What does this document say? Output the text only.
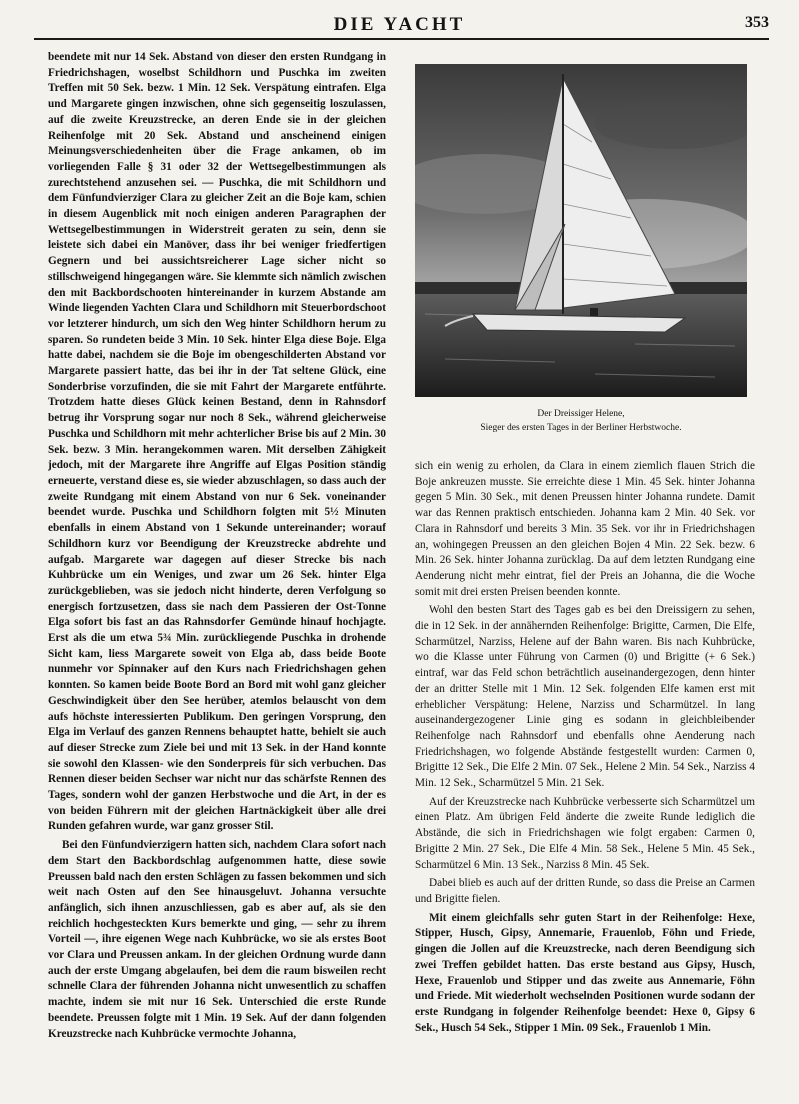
DIE YACHT	353

beendete mit nur 14 Sek. Abstand von dieser den ersten Rundgang in Friedrichshagen, woselbst Schildhorn und Puschka im zweiten Treffen mit 50 Sek. bezw. 1 Min. 12 Sek. Verspätung eintrafen. Elga und Margarete gingen inzwischen, ohne sich gegenseitig loszulassen, auf die zweite Kreuzstrecke, an deren Ende sie in der gleichen Reihenfolge mit 20 Sek. Abstand und anscheinend einigen Meinungsverschiedenheiten über die Frage ankamen, ob im vorliegenden Falle § 31 oder 32 der Wettsegelbestimmungen als zurechtstehend anzusehen sei. — Puschka, die mit Schildhorn und dem Fünfundvierziger Clara zu gleicher Zeit an die Boje kam, schien in diesem Augenblick mit noch einigen anderen Paragraphen der Wettsegelbestimmungen in Widerstreit geraten zu sein, denn sie leistete sich dabei ein Manöver, dass ihr bei weniger friedfertigen Gegnern und bei aussichtsreicherer Lage sicher nicht so stillschweigend hingegangen wäre. Sie klemmte sich nämlich zwischen den mit Backbordschooten hintereinander in kurzem Abstande am Winde liegenden Yachten Clara und Schildhorn mit Steuerbordschoot vor letzterer hindurch, um sich den Weg hinter Schildhorn herum zu sparen. So rundeten beide 3 Min. 10 Sek. hinter Elga diese Boje. Elga hatte dabei, nachdem sie die Boje im obengeschilderten Abstand vor Margarete passiert hatte, das bei ihr in der Tat seltene Glück, eine Sonderbrise vorzufinden, die sie mit Fahrt der Margarete entführte. Trotzdem hatte dieses Glück keinen Bestand, denn in Rahnsdorf betrug ihr Vorsprung sogar nur noch 8 Sek., während gleicherweise Puschka und Schildhorn mit mehr achterlicher Brise bis auf 2 Min. 30 Sek. bezw. 3 Min. herangekommen waren. Mit derselben Zähigkeit jedoch, mit der Margarete ihre Angriffe auf Elgas Position ständig erneuerte, verstand diese es, sie wieder abzuschlagen, so dass auch der zweite Rundgang mit einem Abstand von nur 6 Sek. voneinander beendet wurde. Puschka und Schildhorn folgten mit 5½ Minuten ebenfalls in einem Abstand von 1 Sekunde untereinander; worauf Schildhorn kurz vor Beendigung der Kreuzstrecke abdrehte und aufgab. Margarete war dagegen auf dieser Strecke bis nach Kuhbrücke um ein Weniges, und zwar um 26 Sek. hinter Elga zurückgeblieben, was sie jedoch nicht hinderte, deren Verfolgung so energisch fortzusetzen, dass sie nach dem Passieren der Ost-Tonne Elga sofort bis fast an das Rahnsdorfer Gemünde hinauf hochjagte. Erst als die um etwa 5¾ Min. zurückliegende Puschka in drohende Sicht kam, liess Margarete soweit von Elga ab, dass beide Boote nunmehr vor Spinnaker auf den Kurs nach Friedrichshagen gehen konnten. So kamen beide Boote Bord an Bord mit wohl ganz gleicher Geschwindigkeit über den See herüber, atemlos belauscht von dem aufs höchste interessierten Publikum. Den geringen Vorsprung, den Elga im Verlauf des ganzen Rennens behauptet hatte, behielt sie auch auf dieser Strecke zum Ziele bei und mit 13 Sek. in der Hand konnte sie sowohl den Klassen- wie den Sonderpreis für sich verbuchen. Das Rennen dieser beiden Sechser war nicht nur das schärfste Rennen des Tages, sondern wohl der ganzen Herbstwoche und die Art, in der es von beiden Führern mit der gleichen Hartnäckigkeit über alle drei Runden gefahren wurde, war ganz grosser Stil.

Bei den Fünfundvierzigern hatten sich, nachdem Clara sofort nach dem Start den Backbordschlag aufgenommen hatte, diese sowie Preussen bald nach den ersten Schlägen zu fassen bekommen und sich weit nach Osten auf den See hinausgeluvt. Johanna versuchte anfänglich, sich ihnen anzuschliessen, gab es aber auf, als sie den reichlich hochgesteckten Kurs bemerkte und ging, — sehr zu ihrem Vorteil —, ihre eigenen Wege nach Kuhbrücke, wo sie als erstes Boot vor Clara und Preussen ankam. In der gleichen Ordnung wurde dann auch der erste Umgang abgelaufen, bei dem die raum bisweilen recht schnelle Clara der führenden Johanna nicht unwesentlich zu schaffen machte, indem sie mit nur 16 Sek. Unterschied die erste Runde beendete. Preussen folgte mit 1 Min. 19 Sek. Auf der dann folgenden Kreuzstrecke nach Kuhbrücke vermochte Johanna,

Der Dreissiger Helene,
Sieger des ersten Tages in der Berliner Herbstwoche.

sich ein wenig zu erholen, da Clara in einem ziemlich flauen Strich die Boje ankreuzen musste. Sie erreichte diese 1 Min. 45 Sek. hinter Johanna gegen 5 Min. 30 Sek., mit denen Preussen hinter Johanna rundete. Damit war das Rennen praktisch entschieden. Johanna kam 2 Min. 40 Sek. vor Clara in Rahnsdorf und bereits 3 Min. 35 Sek. vor ihr in Friedrichshagen an, wohingegen Preussen an den gleichen Bojen 4 Min. 22 Sek. bezw. 6 Min. 26 Sek. hinter Johanna zurücklag. Da auf dem letzten Rundgang eine Aenderung nicht mehr eintrat, fiel der Preis an Johanna, die die Woche somit mit drei ersten Preisen beenden konnte.

Wohl den besten Start des Tages gab es bei den Dreissigern zu sehen, die in 12 Sek. in der annähernden Reihenfolge: Brigitte, Carmen, Die Elfe, Scharmützel, Narziss, Helene auf der Bahn waren. Bis nach Kuhbrücke, wo die Klasse unter Führung von Carmen (0) und Brigitte (+ 6 Sek.) eintraf, war das Feld schon beträchtlich auseinandergezogen, denn hinter der an dritter Stelle mit 1 Min. 12 Sek. folgenden Elfe kamen erst mit erheblicher Verspätung: Helene, Narziss und Scharmützel. In lang auseinandergezogener Linie ging es sodann in gleichbleibender Reihenfolge nach Rahnsdorf und ebenfalls ohne Aenderung nach Friedrichshagen, wo folgende Abstände festgestellt wurden: Carmen 0, Brigitte 12 Sek., Die Elfe 2 Min. 07 Sek., Helene 2 Min. 54 Sek., Narziss 4 Min. 12 Sek., Scharmützel 5 Min. 21 Sek.

Auf der Kreuzstrecke nach Kuhbrücke verbesserte sich Scharmützel um einen Platz. Am übrigen Feld änderte die zweite Runde lediglich die Abstände, die sich in Friedrichshagen wie folgt ergaben: Carmen 0, Brigitte 2 Min. 27 Sek., Die Elfe 4 Min. 58 Sek., Helene 5 Min. 45 Sek., Scharmützel 6 Min. 13 Sek., Narziss 8 Min. 45 Sek.

Dabei blieb es auch auf der dritten Runde, so dass die Preise an Carmen und Brigitte fielen.

Mit einem gleichfalls sehr guten Start in der Reihenfolge: Hexe, Stipper, Husch, Gipsy, Annemarie, Frauenlob, Föhn und Friede, gingen die Jollen auf die Kreuzstrecke, nach deren Beendigung sich zwei Treffen gebildet hatten. Das erste bestand aus Gipsy, Husch, Hexe, Frauenlob und Stipper und das zweite aus Annemarie, Föhn und Friede. Mit wiederholt wechselnden Positionen wurde sodann der erste Rundgang in folgender Reihenfolge beendet: Hexe 0, Gipsy 6 Sek., Husch 54 Sek., Stipper 1 Min. 09 Sek., Frauenlob 1 Min.
